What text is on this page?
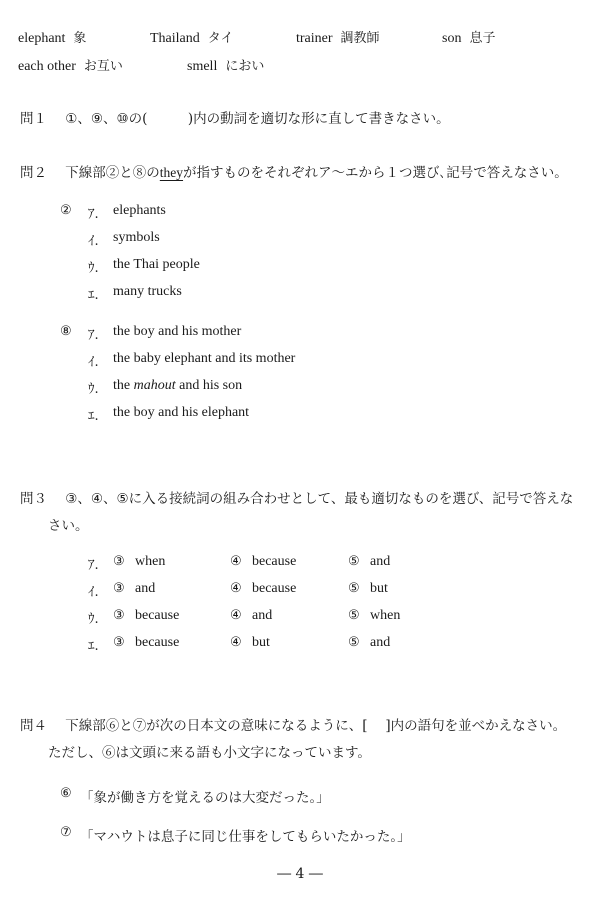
elephant 象	Thailand タイ	trainer 調教師	son 息子
each other お互い	smell におい
問１ ①、⑨、⑩の(　　　)内の動詞を適切な形に直して書きなさい。
問２ 下線部②と⑧のtheyが指すものをそれぞれア～エから１つ選び､記号で答えなさい。
② ｱ. elephants
ｲ. symbols
ｳ. the Thai people
ｴ. many trucks
⑧ ｱ. the boy and his mother
ｲ. the baby elephant and its mother
ｳ. the mahout and his son
ｴ. the boy and his elephant
問３ ③、④、⑤に入る接続詞の組み合わせとして、最も適切なものを選び、記号で答えな
さい。
ｱ. ③ when	④ because	⑤ and
ｲ. ③ and	④ because	⑤ but
ｳ. ③ because	④ and	⑤ when
ｴ. ③ because	④ but	⑤ and
問４ 下線部⑥と⑦が次の日本文の意味になるように、[　 ]内の語句を並べかえなさい。
ただし、⑥は文頭に来る語も小文字になっています。
⑥ 「象が働き方を覚えるのは大変だった。」
⑦ 「マハウトは息子に同じ仕事をしてもらいたかった。」
― 4 ―
